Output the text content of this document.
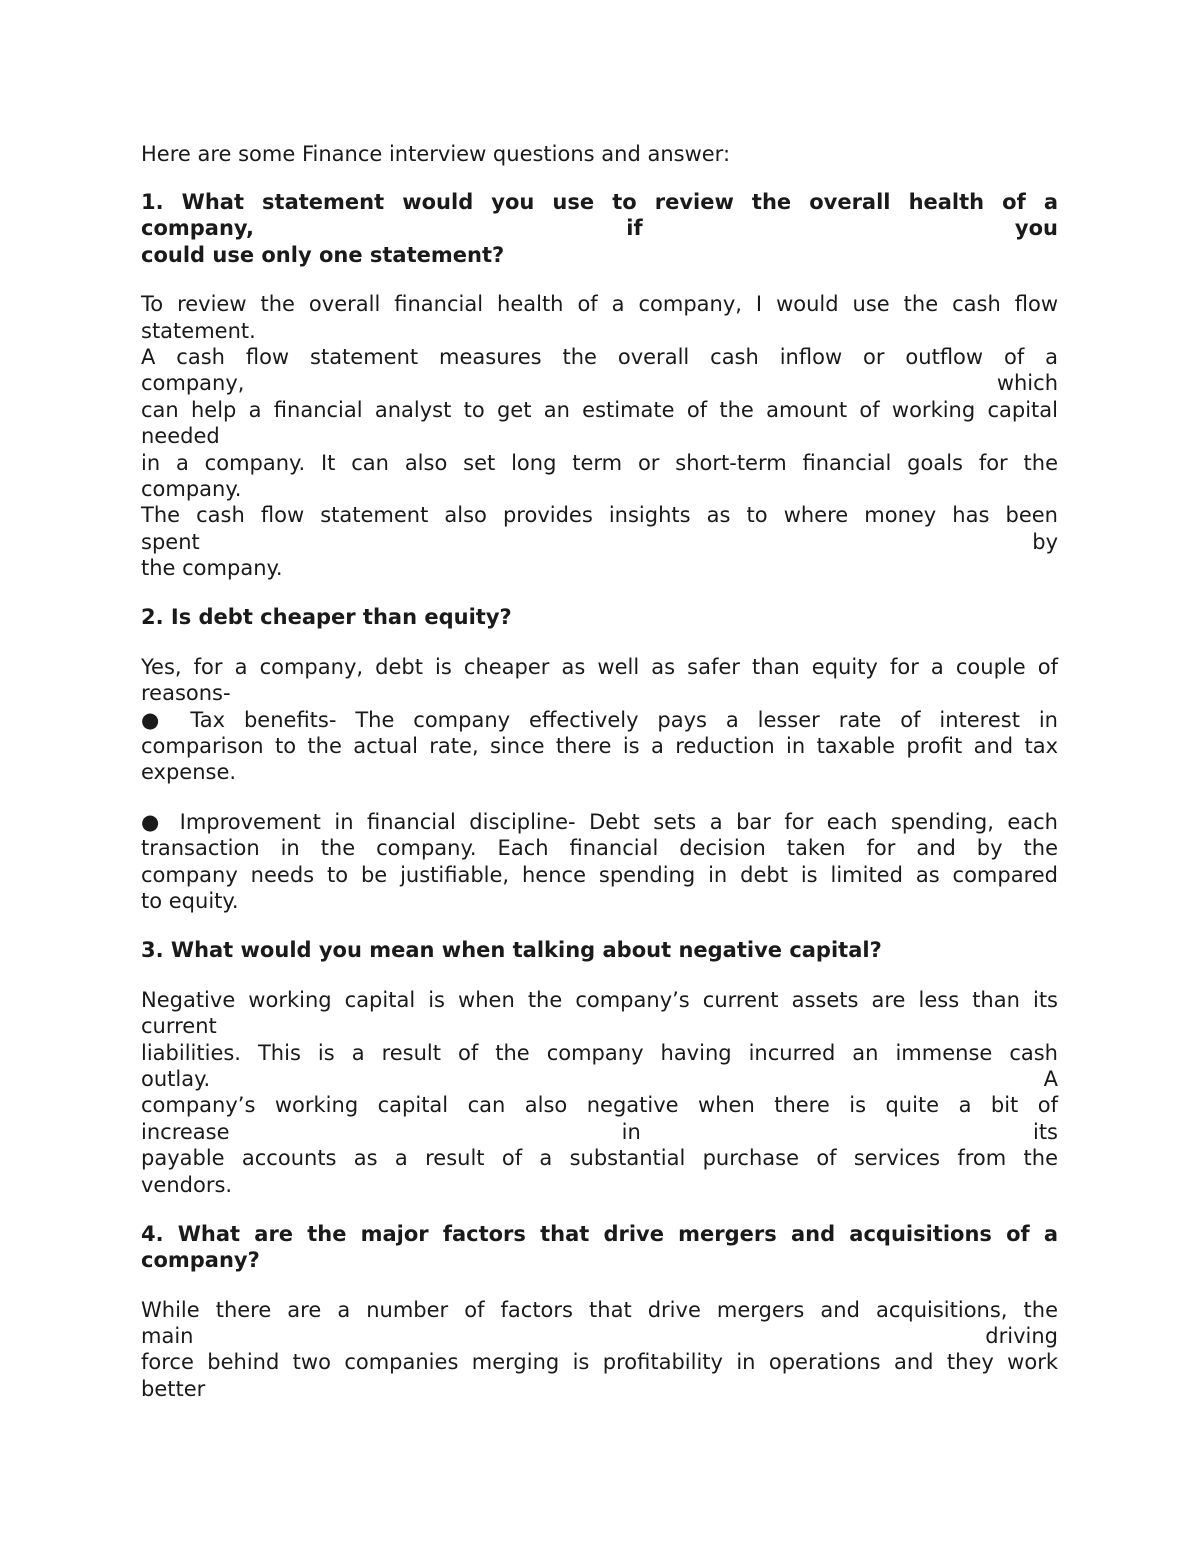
Here are some Finance interview questions and answer:
1. What statement would you use to review the overall health of a
company, if you
could use only one statement?
To review the overall financial health of a company, I would use the cash flow
statement.
A cash flow statement measures the overall cash inflow or outflow of a
company, which
can help a financial analyst to get an estimate of the amount of working capital
needed
in a company. It can also set long term or short-term financial goals for the
company.
The cash flow statement also provides insights as to where money has been
spent by
the company.
2. Is debt cheaper than equity?
Yes, for a company, debt is cheaper as well as safer than equity for a couple of
reasons-
● Tax benefits- The company effectively pays a lesser rate of interest in
comparison to the actual rate, since there is a reduction in taxable profit and tax
expense.
● Improvement in financial discipline- Debt sets a bar for each spending, each
transaction in the company. Each financial decision taken for and by the
company needs to be justifiable, hence spending in debt is limited as compared
to equity.
3. What would you mean when talking about negative capital?
Negative working capital is when the company’s current assets are less than its
current
liabilities. This is a result of the company having incurred an immense cash
outlay. A
company’s working capital can also negative when there is quite a bit of
increase in its
payable accounts as a result of a substantial purchase of services from the
vendors.
4. What are the major factors that drive mergers and acquisitions of a
company?
While there are a number of factors that drive mergers and acquisitions, the
main driving
force behind two companies merging is profitability in operations and they work
better
